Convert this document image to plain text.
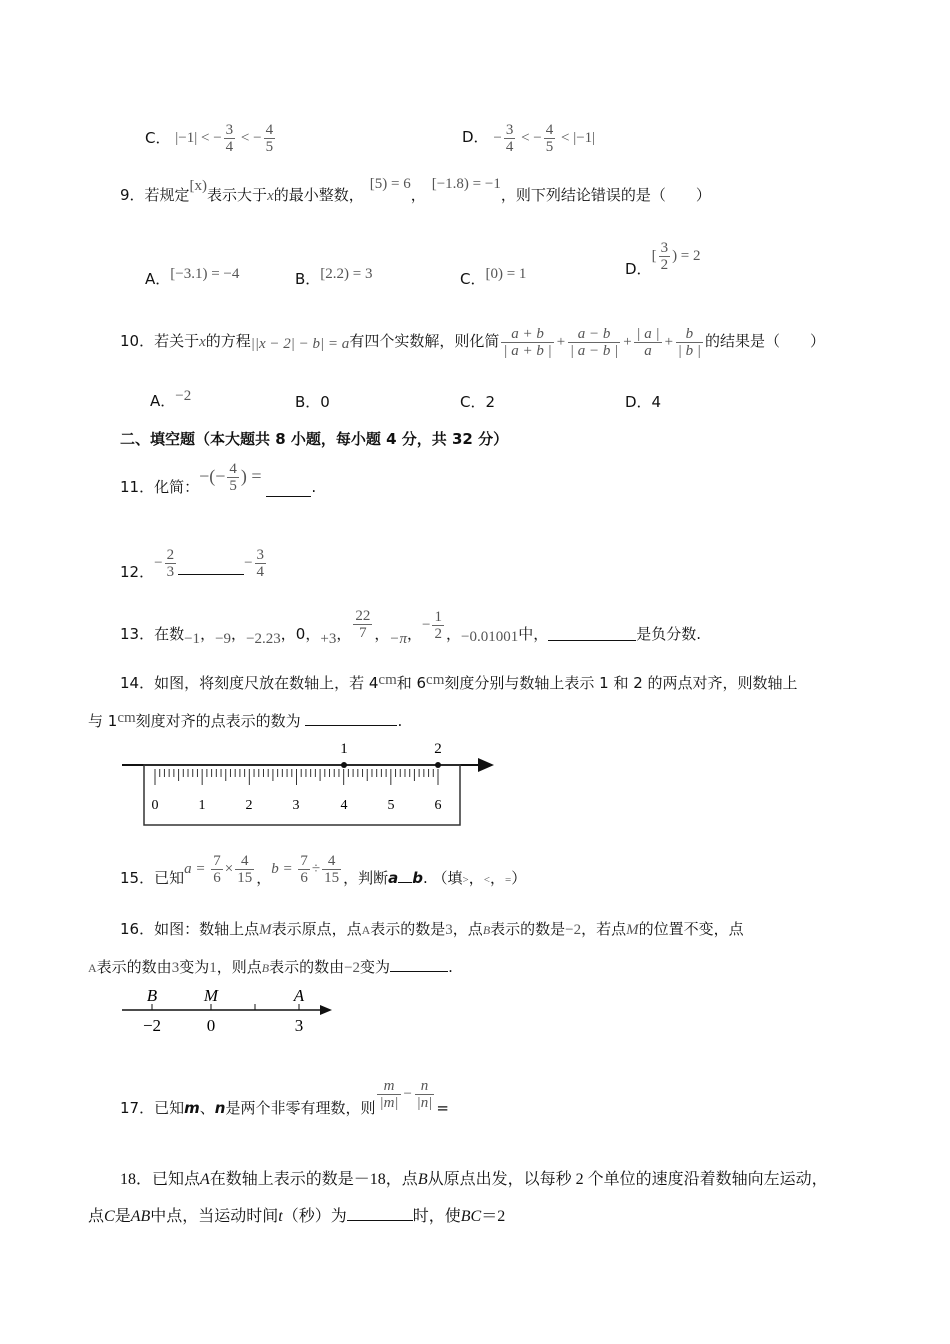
C． |−1| < − $\frac{3}{4}$ < − $\frac{4}{5}$	D． − $\frac{3}{4}$ < − $\frac{4}{5} < |-1|$
9．若规定[x)表示大于x的最小整数，[5) = 6，[−1.8) = −1，则下列结论错误的是（　　）
A．[−3.1) = −4	B．[2.2) = 3	C．[0) = 1	D．[ $\frac{3}{2}$ ) = 2
10．若关于x的方程||x − 2| − b| = a有四个实数解，则化简 $\frac{a + b}{| a + b |} + \frac{a - b}{| a - b |} + \frac{| a |}{a} + \frac{b}{| b |}$ 的结果是（　　）
A．−2	B．0	C．2	D．4
二、填空题（本大题共 8 小题，每小题 4 分，共 32 分）
11．化简：−(− $\frac{4}{5}$ ) = .
12．− $\frac{2}{3}$	− $\frac{3}{4}$
13．在数−1，−9，−2.23，0，+3， $\frac{22}{7}$ ，−π，− $\frac{1}{2}$ ，−0.01001中，	是负分数.
14．如图，将刻度尺放在数轴上，若 4cm和 6cm刻度分别与数轴上表示 1 和 2 的两点对齐，则数轴上
与 1cm刻度对齐的点表示的数为	.
1	2
0	1	2	3	4	5	6
15．已知$a = \frac{7}{6} \times \frac{4}{15}$ ，$b = \frac{7}{6} \div \frac{4}{15}$ ，判断a b. （填>，<，=）
16．如图：数轴上点M表示原点，点A表示的数是3，点B表示的数是−2，若点M的位置不变，点
A表示的数由3变为1，则点B表示的数由−2变为	.
B	M	A
−2	0	3
17．已知m、n是两个非零有理数，则 $\frac{m}{|m|} - \frac{n}{|n|}$ =
18．已知点A在数轴上表示的数是－18，点B从原点出发，以每秒 2 个单位的速度沿着数轴向左运动，
点C是AB中点，当运动时间t（秒）为	时，使BC＝2
